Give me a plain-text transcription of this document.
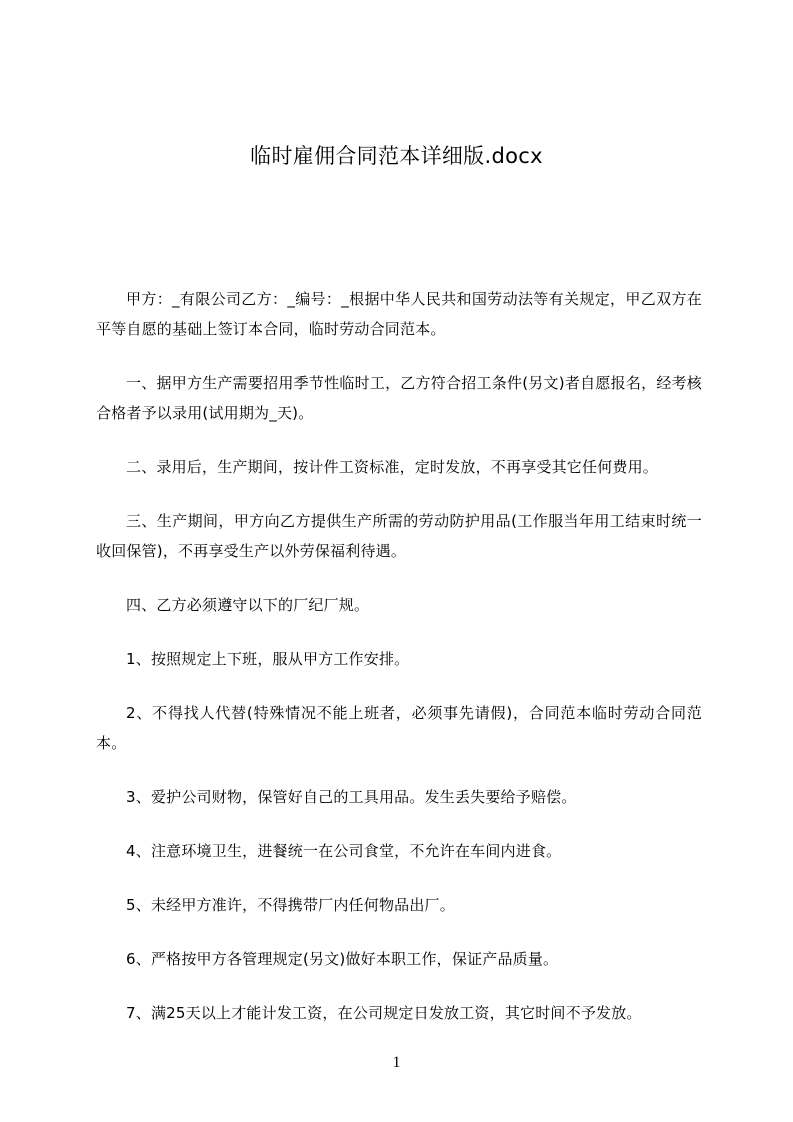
临时雇佣合同范本详细版.docx

甲方：_有限公司乙方：_编号：_根据中华人民共和国劳动法等有关规定，甲乙双方在平等自愿的基础上签订本合同，临时劳动合同范本。

一、据甲方生产需要招用季节性临时工，乙方符合招工条件(另文)者自愿报名，经考核合格者予以录用(试用期为_天)。

二、录用后，生产期间，按计件工资标准，定时发放，不再享受其它任何费用。

三、生产期间，甲方向乙方提供生产所需的劳动防护用品(工作服当年用工结束时统一收回保管)，不再享受生产以外劳保福利待遇。

四、乙方必须遵守以下的厂纪厂规。

1、按照规定上下班，服从甲方工作安排。

2、不得找人代替(特殊情况不能上班者，必须事先请假)，合同范本临时劳动合同范本。

3、爱护公司财物，保管好自己的工具用品。发生丢失要给予赔偿。

4、注意环境卫生，进餐统一在公司食堂，不允许在车间内进食。

5、未经甲方准许，不得携带厂内任何物品出厂。

6、严格按甲方各管理规定(另文)做好本职工作，保证产品质量。

7、满25天以上才能计发工资，在公司规定日发放工资，其它时间不予发放。

1
